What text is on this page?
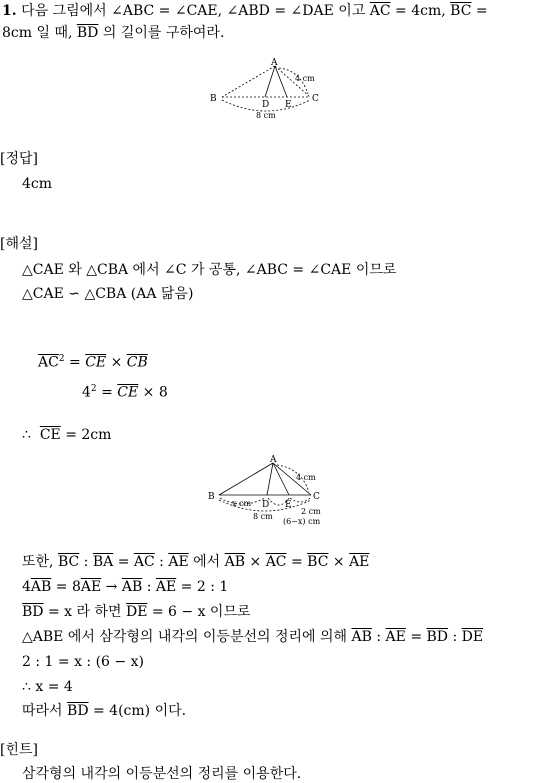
1. 다음 그림에서 ∠ABC = ∠CAE, ∠ABD = ∠DAE 이고 $\overline{AC} = 4cm$, $\overline{BC}$ =
8cm 일 때, $\overline{BD}$ 의 길이를 구하여라.
A
B	C
D E
4 cm
8 cm
[정답]
4cm
[해설]
△CAE 와 △CBA 에서 ∠C 가 공통, ∠ABC = ∠CAE 이므로
△CAE ∽ △CBA (AA 닮음)
$\overline{AC}^2 = \overline{CE} \times \overline{CB}$
$4^2 = \overline{CE} \times 8$
∴ $\overline{CE} = 2cm$
A
B	C
D E
4 cm
x cm
8 cm
2 cm
(6−x) cm
또한, $\overline{BC}$ : $\overline{BA} = \overline{AC}$ : $\overline{AE}$ 에서 $\overline{AB} \times \overline{AC} = \overline{BC} \times \overline{AE}$
$4\overline{AB} = 8\overline{AE} \to \overline{AB}$ : $\overline{AE} = 2$ : 1
$\overline{BD} = x$ 라 하면 $\overline{DE} = 6 - x$ 이므로
△ABE 에서 삼각형의 내각의 이등분선의 정리에 의해 $\overline{AB}$ : $\overline{AE} = \overline{BD}$ : $\overline{DE}$
2 : 1 = x : (6 − x)
∴ x = 4
따라서 $\overline{BD} = 4(cm)$ 이다.
[힌트]
삼각형의 내각의 이등분선의 정리를 이용한다.
